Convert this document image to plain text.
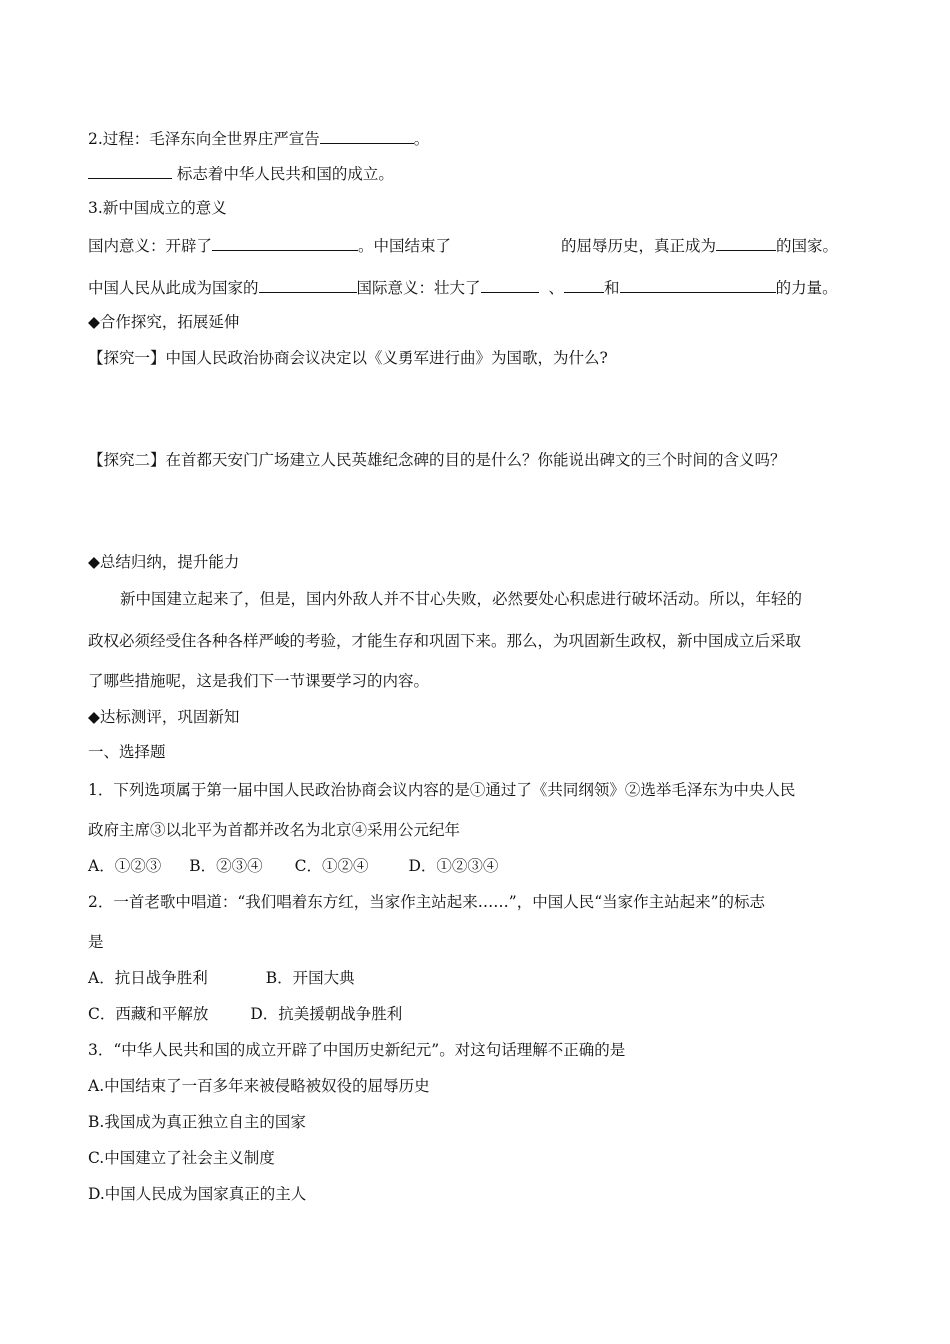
2.过程：毛泽东向全世界庄严宣告	。
标志着中华人民共和国的成立。
3.新中国成立的意义
国内意义：开辟了	。中国结束了	的屈辱历史，真正成为	的国家。
中国人民从此成为国家的	国际意义：壮大了	、	和	的力量。
◆合作探究，拓展延伸
【探究一】中国人民政治协商会议决定以《义勇军进行曲》为国歌，为什么?
【探究二】在首都天安门广场建立人民英雄纪念碑的目的是什么？你能说出碑文的三个时间的含义吗？
◆总结归纳，提升能力
新中国建立起来了，但是，国内外敌人并不甘心失败，必然要处心积虑进行破坏活动。所以，年轻的
政权必须经受住各种各样严峻的考验，才能生存和巩固下来。那么，为巩固新生政权，新中国成立后采取
了哪些措施呢，这是我们下一节课要学习的内容。
◆达标测评，巩固新知
一、选择题
1．下列选项属于第一届中国人民政治协商会议内容的是①通过了《共同纲领》②选举毛泽东为中央人民
政府主席③以北平为首都并改名为北京④采用公元纪年
A．①②③ B．②③④ C．①②④	D．①②③④
2．一首老歌中唱道：“我们唱着东方红，当家作主站起来……”，中国人民“当家作主站起来”的标志
是
A．抗日战争胜利	B．开国大典
C．西藏和平解放	D．抗美援朝战争胜利
3．“中华人民共和国的成立开辟了中国历史新纪元”。对这句话理解不正确的是
A.中国结束了一百多年来被侵略被奴役的屈辱历史
B.我国成为真正独立自主的国家
C.中国建立了社会主义制度
D.中国人民成为国家真正的主人
